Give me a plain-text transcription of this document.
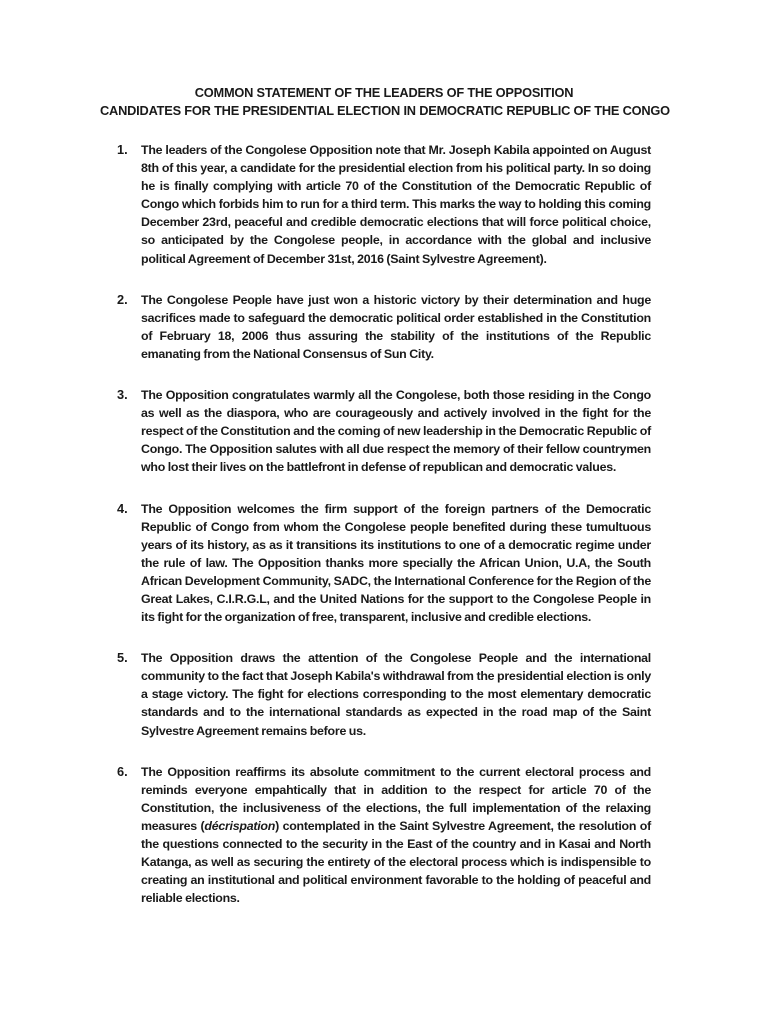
COMMON STATEMENT OF THE LEADERS OF THE OPPOSITION
CANDIDATES FOR THE PRESIDENTIAL ELECTION IN DEMOCRATIC REPUBLIC OF THE CONGO
1. The leaders of the Congolese Opposition note that Mr. Joseph Kabila appointed on August 8th of this year, a candidate for the presidential election from his political party. In so doing he is finally complying with article 70 of the Constitution of the Democratic Republic of Congo which forbids him to run for a third term. This marks the way to holding this coming December 23rd, peaceful and credible democratic elections that will force political choice, so anticipated by the Congolese people, in accordance with the global and inclusive political Agreement of December 31st, 2016 (Saint Sylvestre Agreement).
2. The Congolese People have just won a historic victory by their determination and huge sacrifices made to safeguard the democratic political order established in the Constitution of February 18, 2006 thus assuring the stability of the institutions of the Republic emanating from the National Consensus of Sun City.
3. The Opposition congratulates warmly all the Congolese, both those residing in the Congo as well as the diaspora, who are courageously and actively involved in the fight for the respect of the Constitution and the coming of new leadership in the Democratic Republic of Congo. The Opposition salutes with all due respect the memory of their fellow countrymen who lost their lives on the battlefront in defense of republican and democratic values.
4. The Opposition welcomes the firm support of the foreign partners of the Democratic Republic of Congo from whom the Congolese people benefited during these tumultuous years of its history, as as it transitions its institutions to one of a democratic regime under the rule of law. The Opposition thanks more specially the African Union, U.A, the South African Development Community, SADC, the International Conference for the Region of the Great Lakes, C.I.R.G.L, and the United Nations for the support to the Congolese People in its fight for the organization of free, transparent, inclusive and credible elections.
5. The Opposition draws the attention of the Congolese People and the international community to the fact that Joseph Kabila's withdrawal from the presidential election is only a stage victory. The fight for elections corresponding to the most elementary democratic standards and to the international standards as expected in the road map of the Saint Sylvestre Agreement remains before us.
6. The Opposition reaffirms its absolute commitment to the current electoral process and reminds everyone empahtically that in addition to the respect for article 70 of the Constitution, the inclusiveness of the elections, the full implementation of the relaxing measures (décrispation) contemplated in the Saint Sylvestre Agreement, the resolution of the questions connected to the security in the East of the country and in Kasai and North Katanga, as well as securing the entirety of the electoral process which is indispensible to creating an institutional and political environment favorable to the holding of peaceful and reliable elections.
